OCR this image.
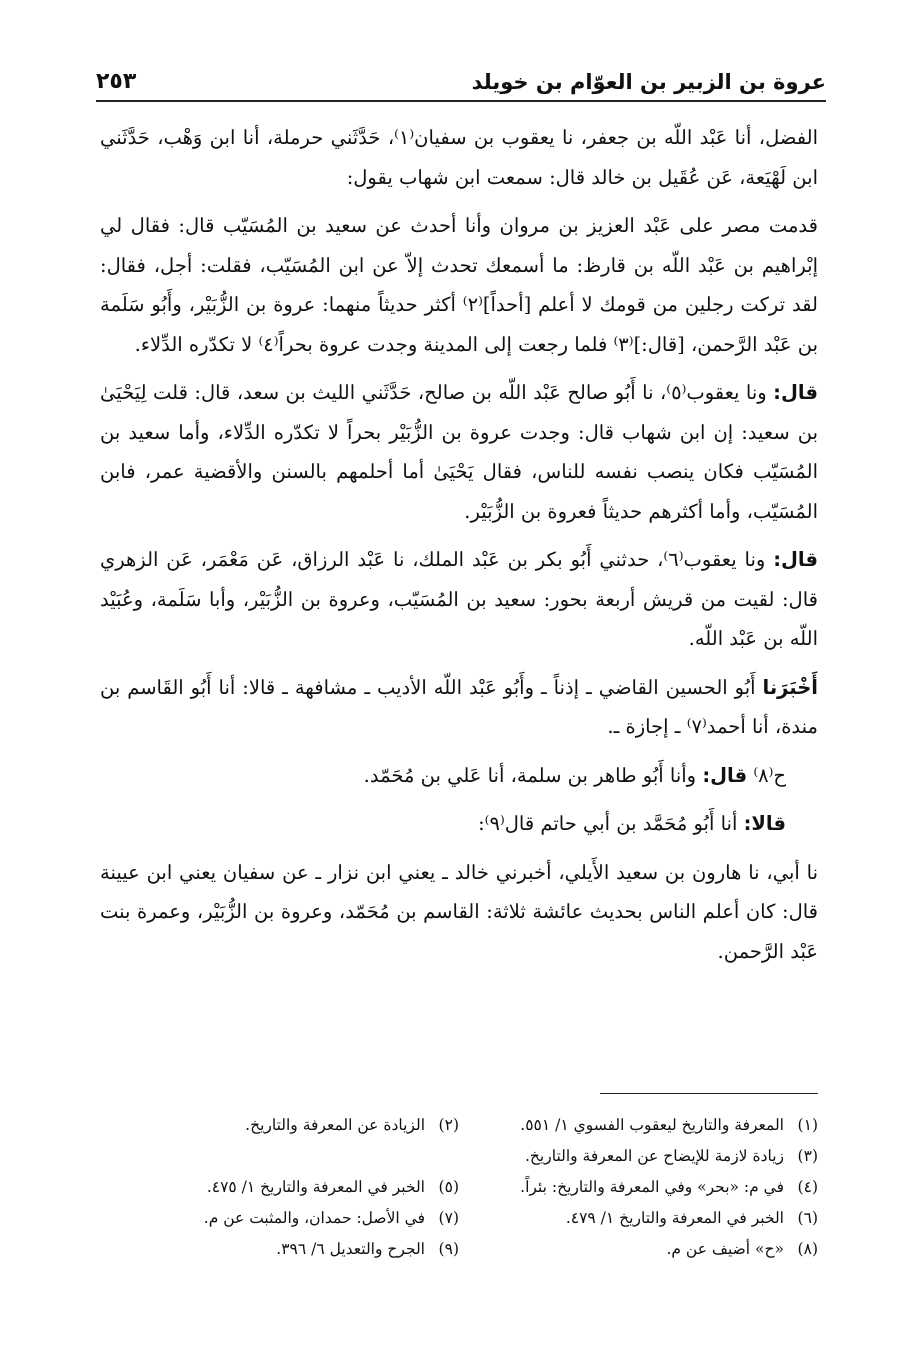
عروة بن الزبير بن العوّام بن خويلد
٢٥٣

الفضل، أنا عَبْد اللّه بن جعفر، نا يعقوب بن سفيان⁽١⁾، حَدَّثَني حرملة، أنا ابن وَهْب، حَدَّثَني ابن لَهْيَعة، عَن عُقَيل بن خالد قال: سمعت ابن شهاب يقول:

قدمت مصر على عَبْد العزيز بن مروان وأنا أحدث عن سعيد بن المُسَيّب قال: فقال لي إبْراهيم بن عَبْد اللّه بن قارظ: ما أسمعك تحدث إلاّ عن ابن المُسَيّب، فقلت: أجل، فقال: لقد تركت رجلين من قومك لا أعلم [أحداً]⁽٢⁾ أكثر حديثاً منهما: عروة بن الزُّبَيْر، وأَبُو سَلَمة بن عَبْد الرَّحمن، [قال:]⁽٣⁾ فلما رجعت إلى المدينة وجدت عروة بحراً⁽٤⁾ لا تكدّره الدِّلاء.

قال: ونا يعقوب⁽٥⁾، نا أَبُو صالح عَبْد اللّه بن صالح، حَدَّثَني الليث بن سعد، قال: قلت لِيَحْيَىٰ بن سعيد: إن ابن شهاب قال: وجدت عروة بن الزُّبَيْر بحراً لا تكدّره الدِّلاء، وأما سعيد بن المُسَيّب فكان ينصب نفسه للناس، فقال يَحْيَىٰ أما أحلمهم بالسنن والأقضية عمر، فابن المُسَيّب، وأما أكثرهم حديثاً فعروة بن الزُّبَيْر.

قال: ونا يعقوب⁽٦⁾، حدثني أَبُو بكر بن عَبْد الملك، نا عَبْد الرزاق، عَن مَعْمَر، عَن الزهري قال: لقيت من قريش أربعة بحور: سعيد بن المُسَيّب، وعروة بن الزُّبَيْر، وأبا سَلَمة، وعُبَيْد اللّه بن عَبْد اللّه.

أَخْبَرَنا أَبُو الحسين القاضي ـ إذناً ـ وأَبُو عَبْد اللّه الأديب ـ مشافهة ـ قالا: أنا أَبُو القَاسم بن مندة، أنا أحمد⁽٧⁾ ـ إجازة ـ.

ح⁽٨⁾ قال: وأنا أَبُو طاهر بن سلمة، أنا عَلي بن مُحَمّد.

قالا: أنا أَبُو مُحَمَّد بن أبي حاتم قال⁽٩⁾:

نا أبي، نا هارون بن سعيد الأَيلي، أخبرني خالد ـ يعني ابن نزار ـ عن سفيان يعني ابن عيينة قال: كان أعلم الناس بحديث عائشة ثلاثة: القاسم بن مُحَمّد، وعروة بن الزُّبَيْر، وعمرة بنت عَبْد الرَّحمن.

(١)
المعرفة والتاريخ ليعقوب الفسوي ١/ ٥٥١.
(٣)
زيادة لازمة للإيضاح عن المعرفة والتاريخ.
(٤)
في م: «بحر» وفي المعرفة والتاريخ: بئراً.
(٦)
الخبر في المعرفة والتاريخ ١/ ٤٧٩.
(٨)
«ح» أضيف عن م.
(٢)
الزيادة عن المعرفة والتاريخ.

(٥)
الخبر في المعرفة والتاريخ ١/ ٤٧٥.
(٧)
في الأصل: حمدان، والمثبت عن م.
(٩)
الجرح والتعديل ٦/ ٣٩٦.
